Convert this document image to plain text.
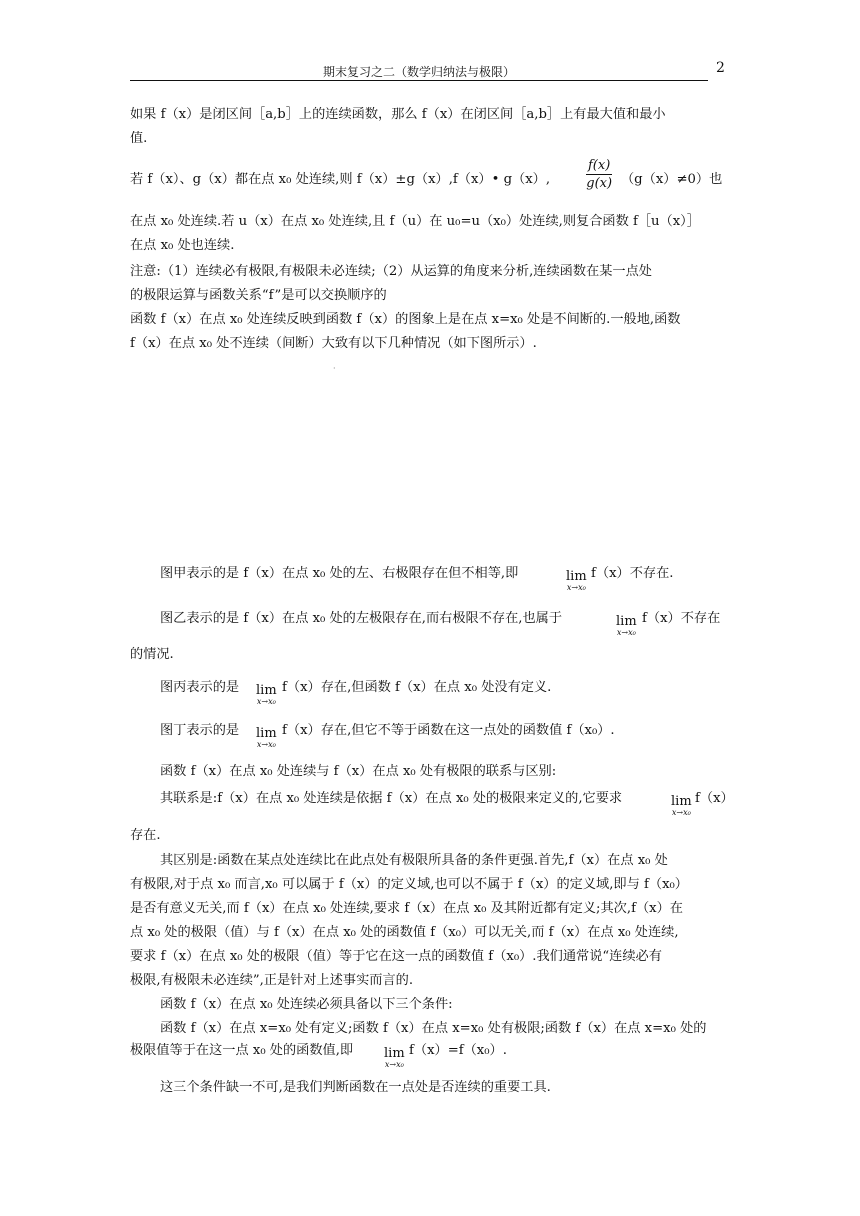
期末复习之二（数学归纳法与极限）	2
如果 f（x）是闭区间［a,b］上的连续函数，那么 f（x）在闭区间［a,b］上有最大值和最小
值.
若 f（x）、g（x）都在点 x₀ 处连续,则 f（x）±g（x）,f（x）• g（x）,	$\frac{f(x)}{g(x)} (g(x)\ne 0)$也
在点 x₀ 处连续.若 u（x）在点 x₀ 处连续,且 f（u）在 u₀=u（x₀）处连续,则复合函数 f［u（x）］
在点 x₀ 处也连续.
注意:（1）连续必有极限,有极限未必连续;（2）从运算的角度来分析,连续函数在某一点处
的极限运算与函数关系“f”是可以交换顺序的
函数 f（x）在点 x₀ 处连续反映到函数 f（x）的图象上是在点 x=x₀ 处是不间断的.一般地,函数
f（x）在点 x₀ 处不连续（间断）大致有以下几种情况（如下图所示）.
·
图甲表示的是 f（x）在点 x₀ 处的左、右极限存在但不相等,即	lim
x→x₀
f（x）不存在.
图乙表示的是 f（x）在点 x₀ 处的左极限存在,而右极限不存在,也属于	lim
x→x₀
f（x）不存在
的情况.
图丙表示的是 lim
x→x₀
f（x）存在,但函数 f（x）在点 x₀ 处没有定义.
图丁表示的是 lim
x→x₀
f（x）存在,但它不等于函数在这一点处的函数值 f（x₀）.
函数 f（x）在点 x₀ 处连续与 f（x）在点 x₀ 处有极限的联系与区别:
其联系是:f（x）在点 x₀ 处连续是依据 f（x）在点 x₀ 处的极限来定义的,它要求	lim
x→x₀
f（x）
存在.
其区别是:函数在某点处连续比在此点处有极限所具备的条件更强.首先,f（x）在点 x₀ 处
有极限,对于点 x₀ 而言,x₀ 可以属于 f（x）的定义域,也可以不属于 f（x）的定义域,即与 f（x₀）
是否有意义无关,而 f（x）在点 x₀ 处连续,要求 f（x）在点 x₀ 及其附近都有定义;其次,f（x）在
点 x₀ 处的极限（值）与 f（x）在点 x₀ 处的函数值 f（x₀）可以无关,而 f（x）在点 x₀ 处连续,
要求 f（x）在点 x₀ 处的极限（值）等于它在这一点的函数值 f（x₀）.我们通常说“连续必有
极限,有极限未必连续”,正是针对上述事实而言的.
函数 f（x）在点 x₀ 处连续必须具备以下三个条件:
函数 f（x）在点 x=x₀ 处有定义;函数 f（x）在点 x=x₀ 处有极限;函数 f（x）在点 x=x₀ 处的
极限值等于在这一点 x₀ 处的函数值,即 lim
x→x₀
f（x）=f（x₀）.
这三个条件缺一不可,是我们判断函数在一点处是否连续的重要工具.
